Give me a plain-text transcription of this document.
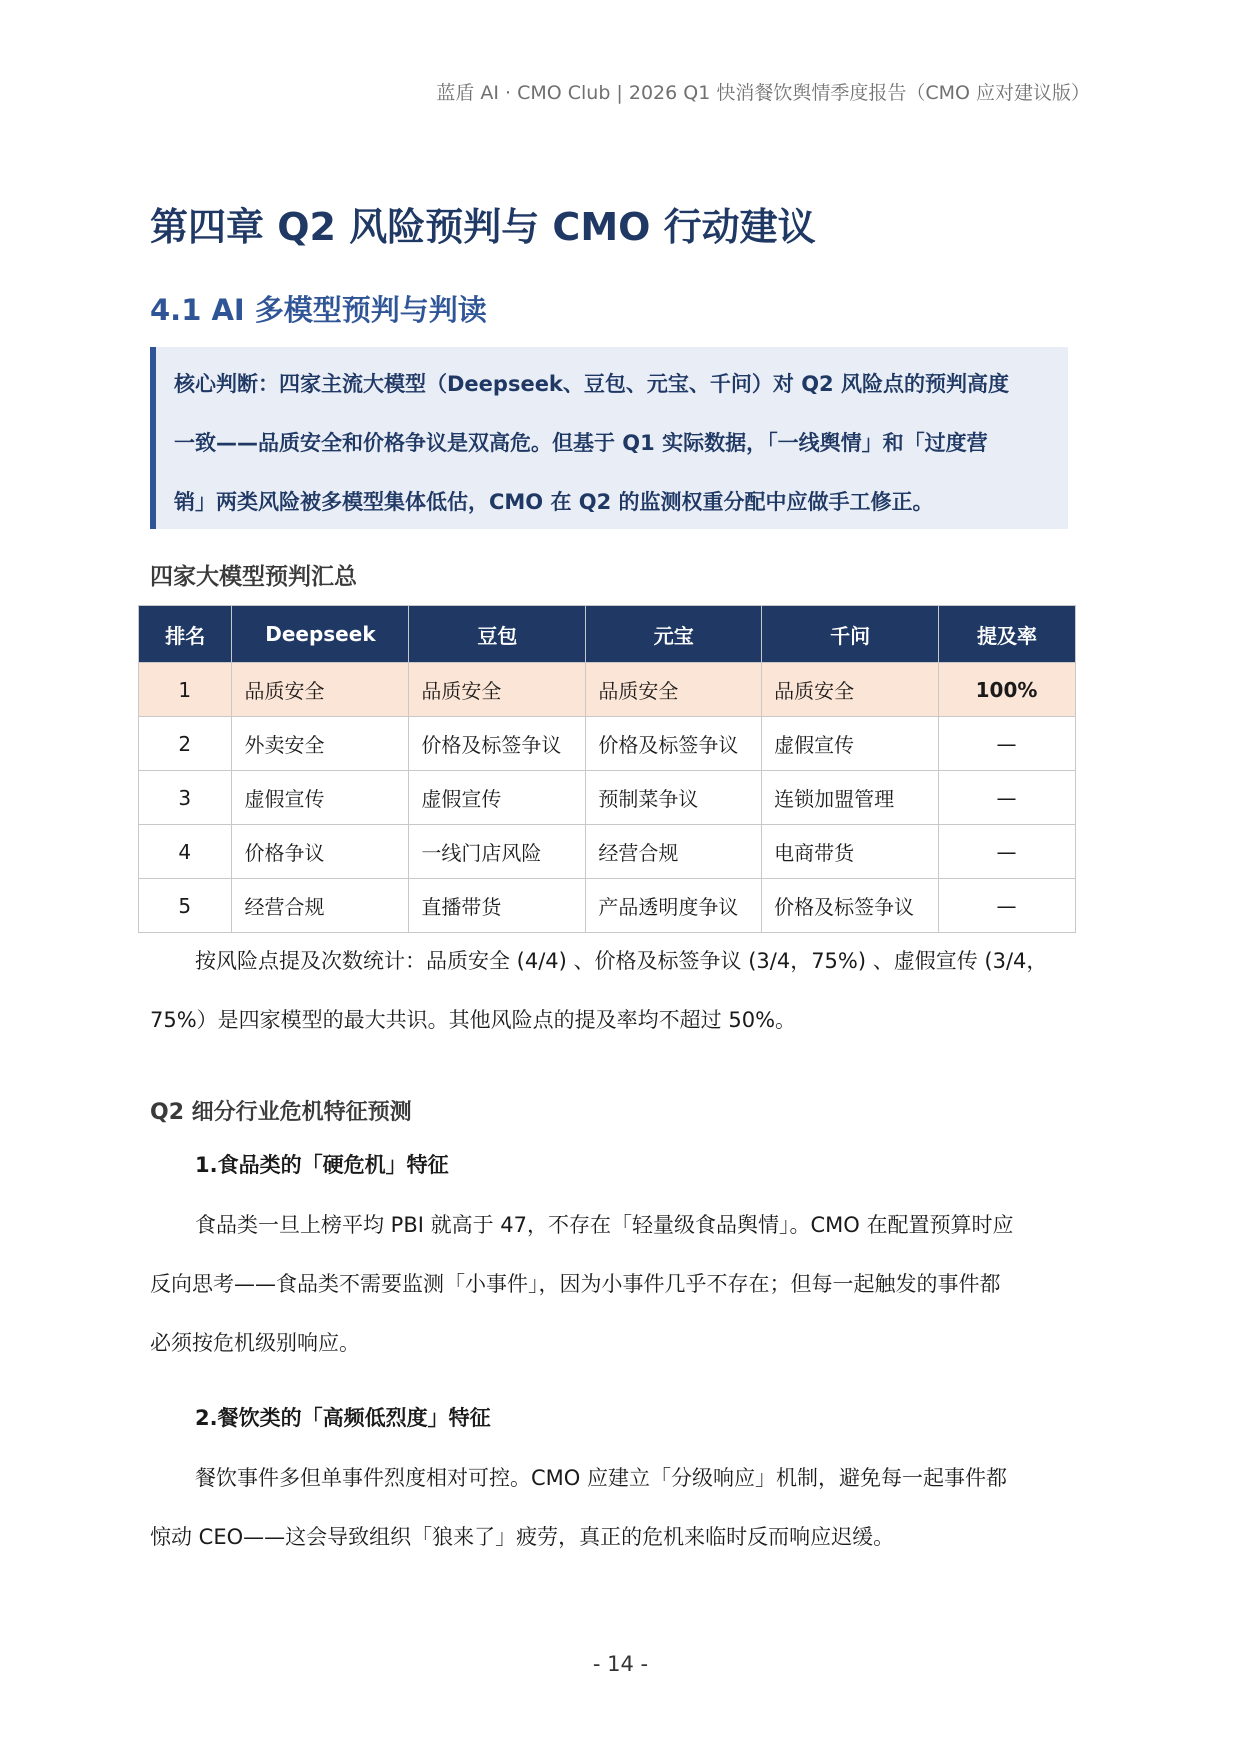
蓝盾 AI · CMO Club | 2026 Q1 快消餐饮舆情季度报告（CMO 应对建议版）
第四章 Q2 风险预判与 CMO 行动建议
4.1 AI 多模型预判与判读

核心判断：四家主流大模型（Deepseek、豆包、元宝、千问）对 Q2 风险点的预判高度

一致——品质安全和价格争议是双高危。但基于 Q1 实际数据，「一线舆情」和「过度营

销」两类风险被多模型集体低估，CMO 在 Q2 的监测权重分配中应做手工修正。

四家大模型预判汇总
排名	Deepseek	豆包	元宝	千问	提及率
1	品质安全	品质安全	品质安全	品质安全	100%
2	外卖安全	价格及标签争议	价格及标签争议	虚假宣传	—
3	虚假宣传	虚假宣传	预制菜争议	连锁加盟管理	—
4	价格争议	一线门店风险	经营合规	电商带货	—
5	经营合规	直播带货	产品透明度争议	价格及标签争议	—
按风险点提及次数统计：品质安全 (4/4) 、价格及标签争议 (3/4，75%) 、虚假宣传 (3/4，
75%）是四家模型的最大共识。其他风险点的提及率均不超过 50%。
Q2 细分行业危机特征预测
1.食品类的「硬危机」特征
食品类一旦上榜平均 PBI 就高于 47，不存在「轻量级食品舆情」。CMO 在配置预算时应
反向思考——食品类不需要监测「小事件」，因为小事件几乎不存在；但每一起触发的事件都
必须按危机级别响应。
2.餐饮类的「高频低烈度」特征
餐饮事件多但单事件烈度相对可控。CMO 应建立「分级响应」机制，避免每一起事件都
惊动 CEO——这会导致组织「狼来了」疲劳，真正的危机来临时反而响应迟缓。
- 14 -
